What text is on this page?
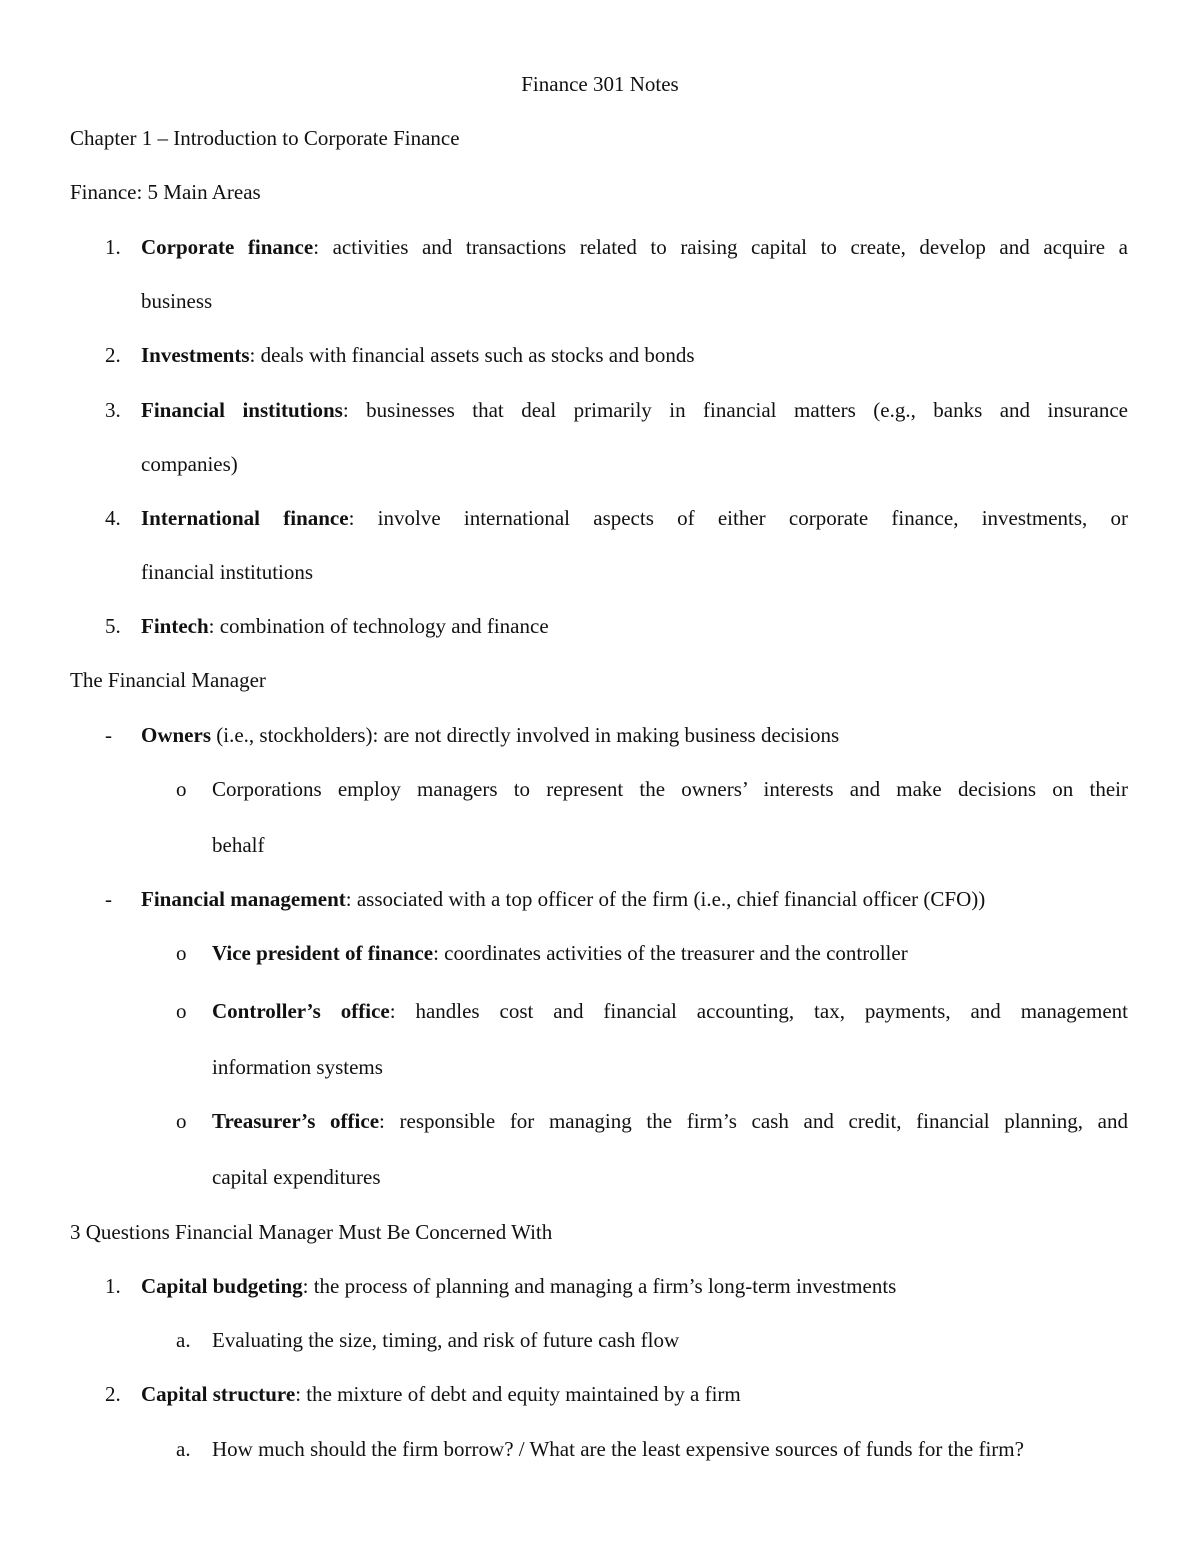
Finance 301 Notes
Chapter 1 – Introduction to Corporate Finance
Finance: 5 Main Areas
1. Corporate finance: activities and transactions related to raising capital to create, develop and acquire a
business
2. Investments: deals with financial assets such as stocks and bonds
3. Financial institutions: businesses that deal primarily in financial matters (e.g., banks and insurance
companies)
4. International finance: involve international aspects of either corporate finance, investments, or
financial institutions
5. Fintech: combination of technology and finance
The Financial Manager
- Owners (i.e., stockholders): are not directly involved in making business decisions
o Corporations employ managers to represent the owners’ interests and make decisions on their
behalf
- Financial management: associated with a top officer of the firm (i.e., chief financial officer (CFO))
o Vice president of finance: coordinates activities of the treasurer and the controller
o Controller’s office: handles cost and financial accounting, tax, payments, and management
information systems
o Treasurer’s office: responsible for managing the firm’s cash and credit, financial planning, and
capital expenditures
3 Questions Financial Manager Must Be Concerned With
1. Capital budgeting: the process of planning and managing a firm’s long-term investments
a. Evaluating the size, timing, and risk of future cash flow
2. Capital structure: the mixture of debt and equity maintained by a firm
a. How much should the firm borrow? / What are the least expensive sources of funds for the firm?
